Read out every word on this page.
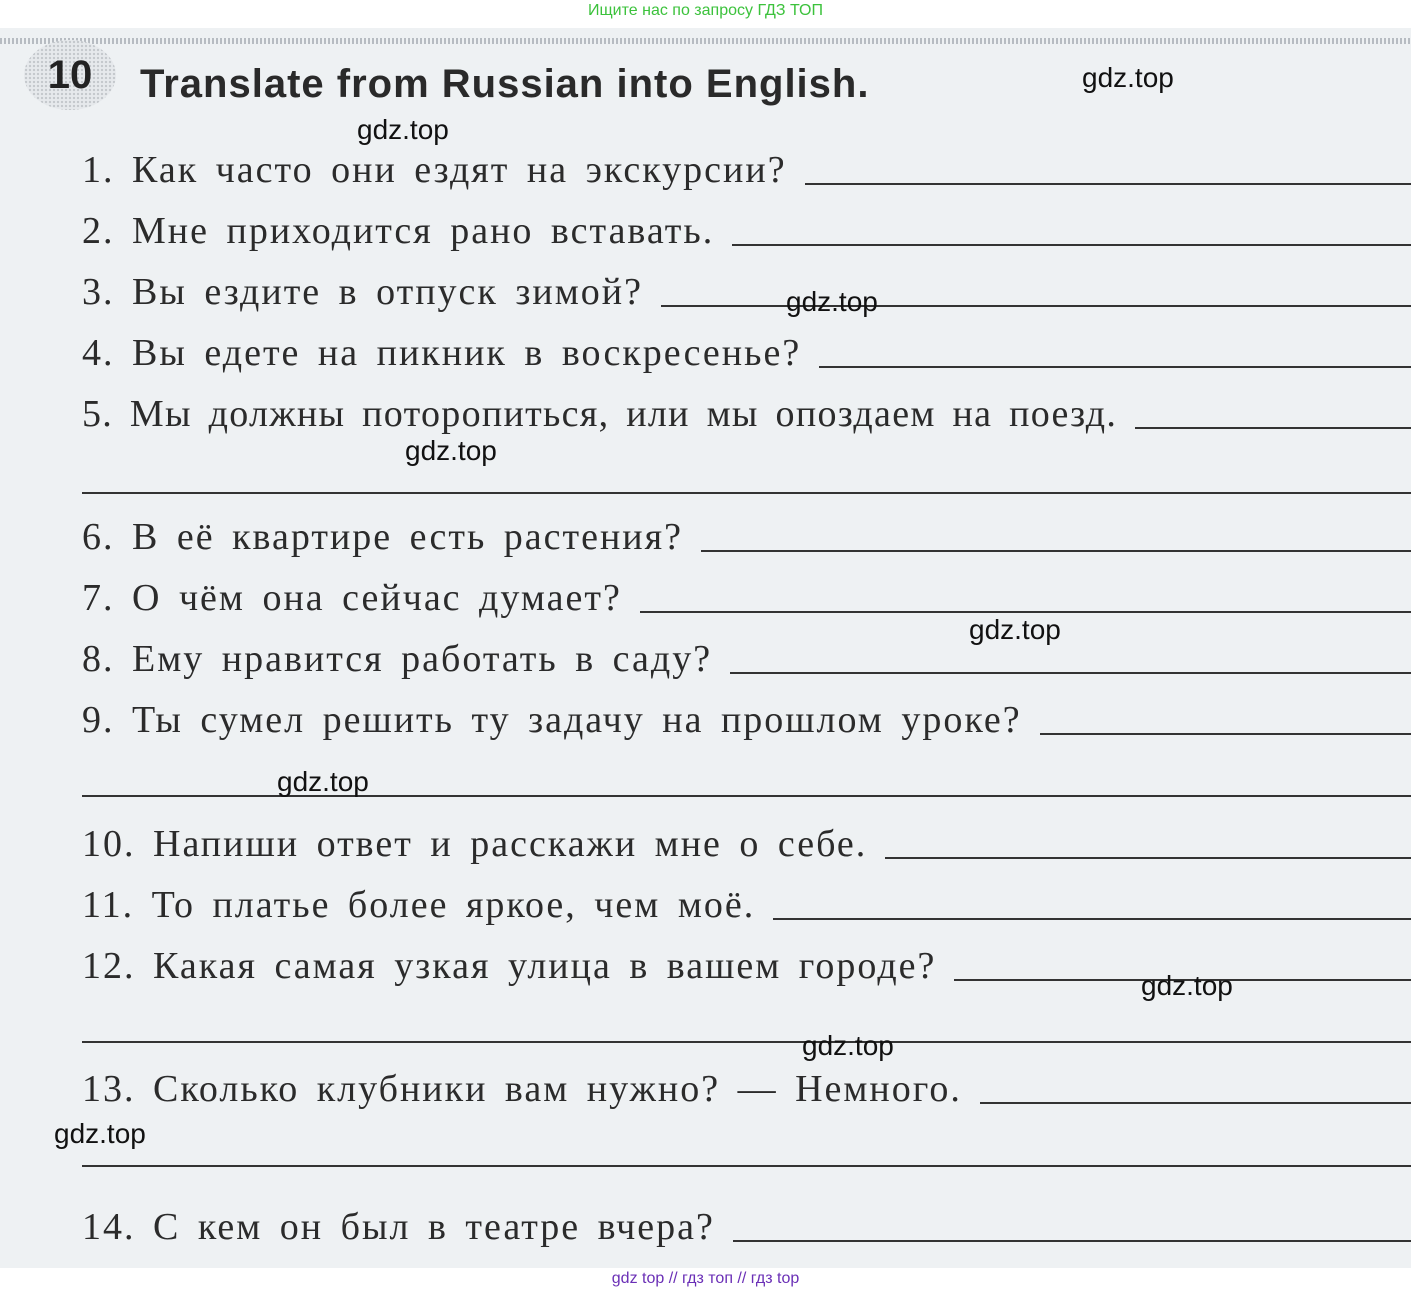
Ищите нас по запросу ГДЗ ТОП
10	Translate from Russian into English.
1. Как часто они ездят на экскурсии?
2. Мне приходится рано вставать.
3. Вы ездите в отпуск зимой?
4. Вы едете на пикник в воскресенье?
5. Мы должны поторопиться, или мы опоздаем на поезд.
6. В её квартире есть растения?
7. О чём она сейчас думает?
8. Ему нравится работать в саду?
9. Ты сумел решить ту задачу на прошлом уроке?
10. Напиши ответ и расскажи мне о себе.
11. То платье более яркое, чем моё.
12. Какая самая узкая улица в вашем городе?
13. Сколько клубники вам нужно? — Немного.
14. С кем он был в театре вчера?
gdz.top
gdz.top
gdz.top
gdz.top
gdz.top
gdz.top
gdz.top
gdz.top
gdz.top
gdz top // гдз топ // гдз top
